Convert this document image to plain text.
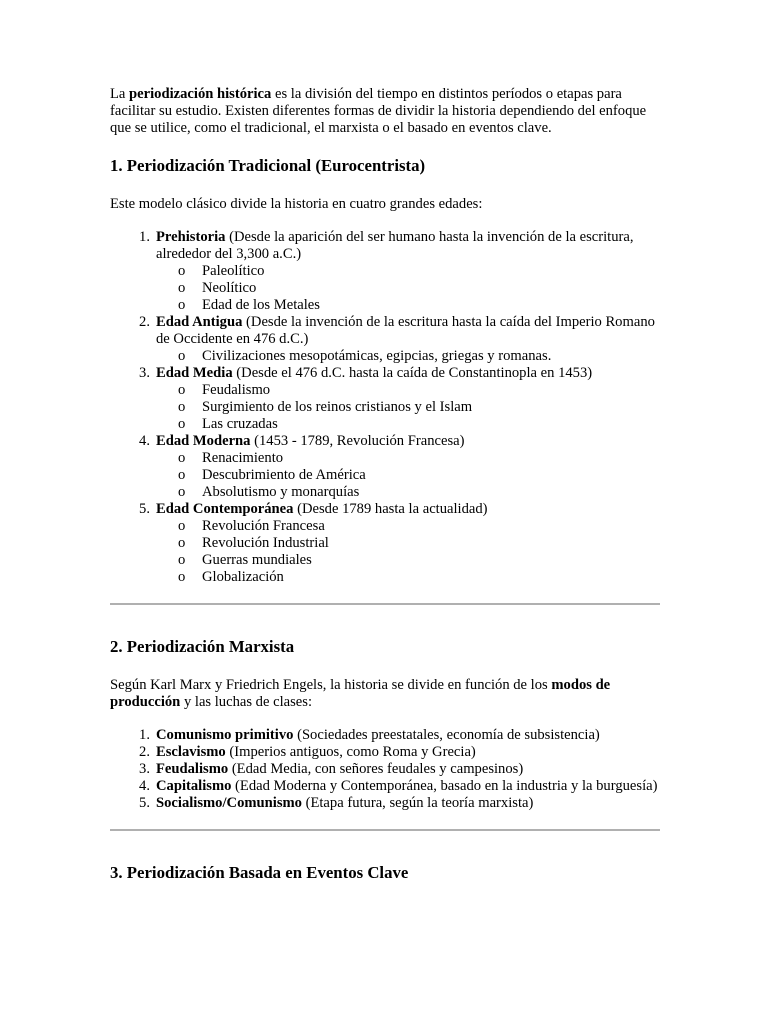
La periodización histórica es la división del tiempo en distintos períodos o etapas para facilitar su estudio. Existen diferentes formas de dividir la historia dependiendo del enfoque que se utilice, como el tradicional, el marxista o el basado en eventos clave.

1. Periodización Tradicional (Eurocentrista)

Este modelo clásico divide la historia en cuatro grandes edades:

1. Prehistoria (Desde la aparición del ser humano hasta la invención de la escritura, alrededor del 3,300 a.C.)
o Paleolítico
o Neolítico
o Edad de los Metales
2. Edad Antigua (Desde la invención de la escritura hasta la caída del Imperio Romano de Occidente en 476 d.C.)
o Civilizaciones mesopotámicas, egipcias, griegas y romanas.
3. Edad Media (Desde el 476 d.C. hasta la caída de Constantinopla en 1453)
o Feudalismo
o Surgimiento de los reinos cristianos y el Islam
o Las cruzadas
4. Edad Moderna (1453 - 1789, Revolución Francesa)
o Renacimiento
o Descubrimiento de América
o Absolutismo y monarquías
5. Edad Contemporánea (Desde 1789 hasta la actualidad)
o Revolución Francesa
o Revolución Industrial
o Guerras mundiales
o Globalización
2. Periodización Marxista

Según Karl Marx y Friedrich Engels, la historia se divide en función de los modos de producción y las luchas de clases:

1. Comunismo primitivo (Sociedades preestatales, economía de subsistencia)
2. Esclavismo (Imperios antiguos, como Roma y Grecia)
3. Feudalismo (Edad Media, con señores feudales y campesinos)
4. Capitalismo (Edad Moderna y Contemporánea, basado en la industria y la burguesía)
5. Socialismo/Comunismo (Etapa futura, según la teoría marxista)
3. Periodización Basada en Eventos Clave
